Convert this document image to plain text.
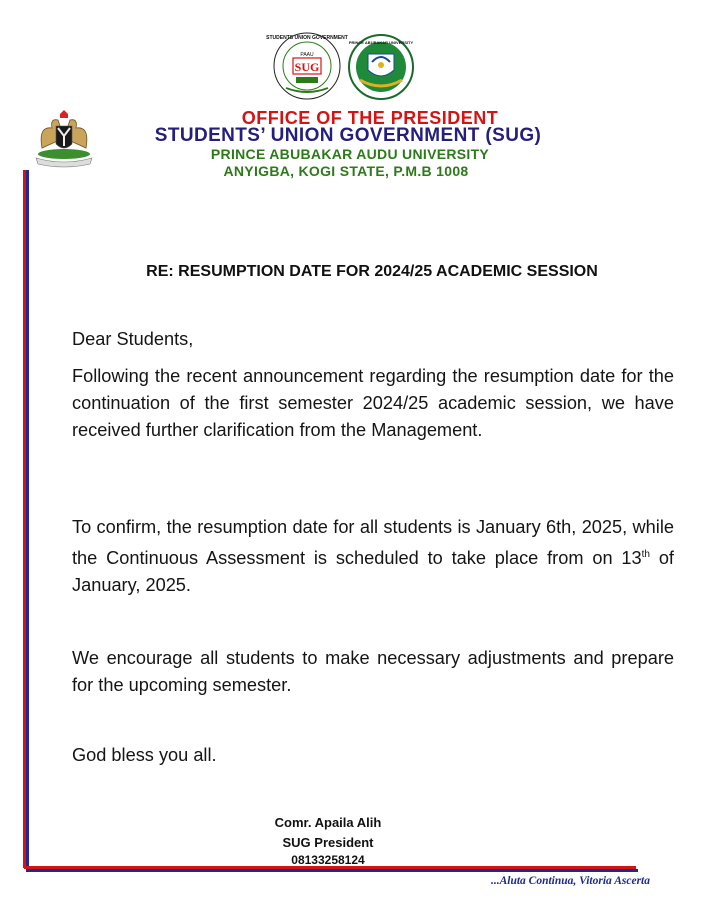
STUDENTS UNION GOVERNMENT
PAAU
SUG
PRINCE ABUBAKAR UNIVERSITY
OFFICE OF THE PRESIDENT
STUDENTS’ UNION GOVERNMENT (SUG)
PRINCE ABUBAKAR AUDU UNIVERSITY
ANYIGBA, KOGI STATE, P.M.B 1008
RE: RESUMPTION DATE FOR 2024/25 ACADEMIC SESSION

Dear Students,

Following the recent announcement regarding the resumption date for the continuation of the first semester 2024/25 academic session, we have received further clarification from the Management.

To confirm, the resumption date for all students is January 6th, 2025, while the Continuous Assessment is scheduled to take place from on 13th of January, 2025.

We encourage all students to make necessary adjustments and prepare for the upcoming semester.

God bless you all.

Comr. Apaila Alih
SUG President
08133258124
...Aluta Continua, Vitoria Ascerta
